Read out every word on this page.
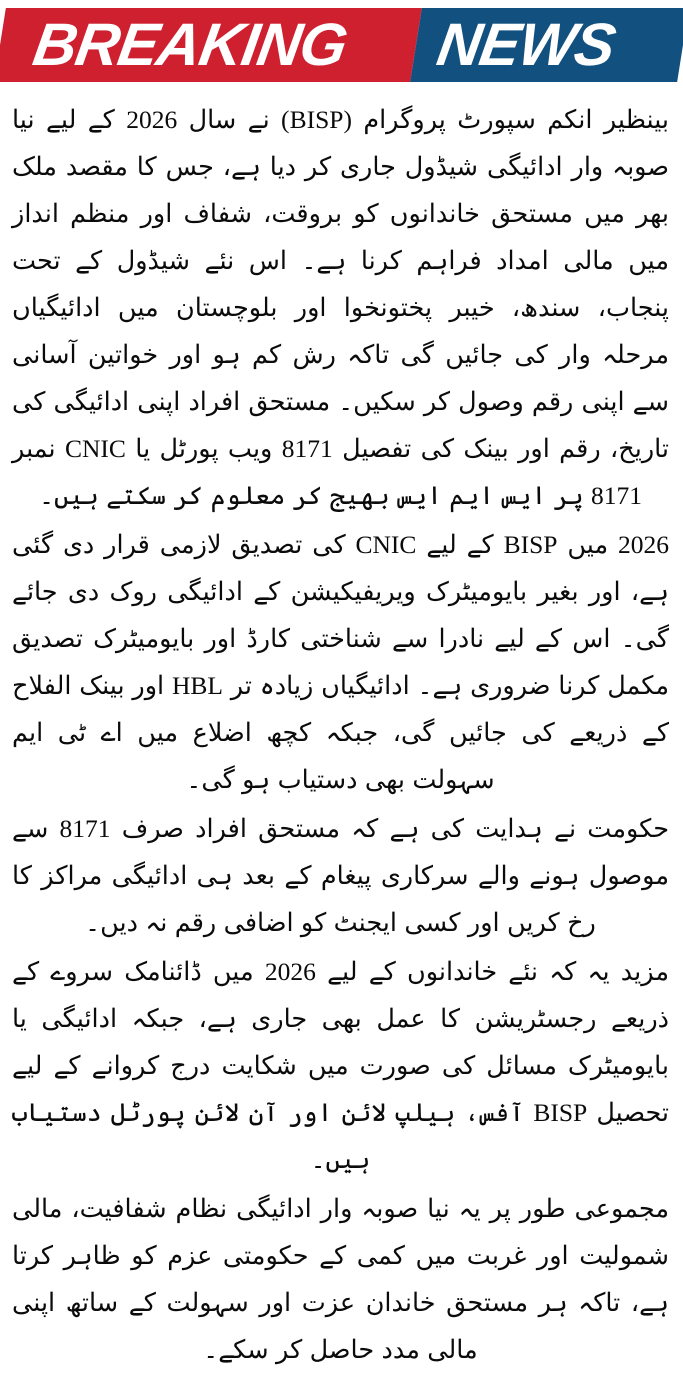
BREAKING	NEWS

بینظیر انکم سپورٹ پروگرام (BISP) نے سال 2026 کے لیے نیا صوبہ وار ادائیگی شیڈول جاری کر دیا ہے، جس کا مقصد ملک بھر میں مستحق خاندانوں کو بروقت، شفاف اور منظم انداز میں مالی امداد فراہم کرنا ہے۔ اس نئے شیڈول کے تحت پنجاب، سندھ، خیبر پختونخوا اور بلوچستان میں ادائیگیاں مرحلہ وار کی جائیں گی تاکہ رش کم ہو اور خواتین آسانی سے اپنی رقم وصول کر سکیں۔ مستحق افراد اپنی ادائیگی کی تاریخ، رقم اور بینک کی تفصیل 8171 ویب پورٹل یا CNIC نمبر 8171 پر ایس ایم ایس بھیج کر معلوم کر سکتے ہیں۔

2026 میں BISP کے لیے CNIC کی تصدیق لازمی قرار دی گئی ہے، اور بغیر بایومیٹرک ویریفیکیشن کے ادائیگی روک دی جائے گی۔ اس کے لیے نادرا سے شناختی کارڈ اور بایومیٹرک تصدیق مکمل کرنا ضروری ہے۔ ادائیگیاں زیادہ تر HBL اور بینک الفلاح کے ذریعے کی جائیں گی، جبکہ کچھ اضلاع میں اے ٹی ایم سہولت بھی دستیاب ہو گی۔

حکومت نے ہدایت کی ہے کہ مستحق افراد صرف 8171 سے موصول ہونے والے سرکاری پیغام کے بعد ہی ادائیگی مراکز کا رخ کریں اور کسی ایجنٹ کو اضافی رقم نہ دیں۔

مزید یہ کہ نئے خاندانوں کے لیے 2026 میں ڈائنامک سروے کے ذریعے رجسٹریشن کا عمل بھی جاری ہے، جبکہ ادائیگی یا بایومیٹرک مسائل کی صورت میں شکایت درج کروانے کے لیے تحصیل BISP آفس، ہیلپ لائن اور آن لائن پورٹل دستیاب ہیں۔

مجموعی طور پر یہ نیا صوبہ وار ادائیگی نظام شفافیت، مالی شمولیت اور غربت میں کمی کے حکومتی عزم کو ظاہر کرتا ہے، تاکہ ہر مستحق خاندان عزت اور سہولت کے ساتھ اپنی مالی مدد حاصل کر سکے۔
